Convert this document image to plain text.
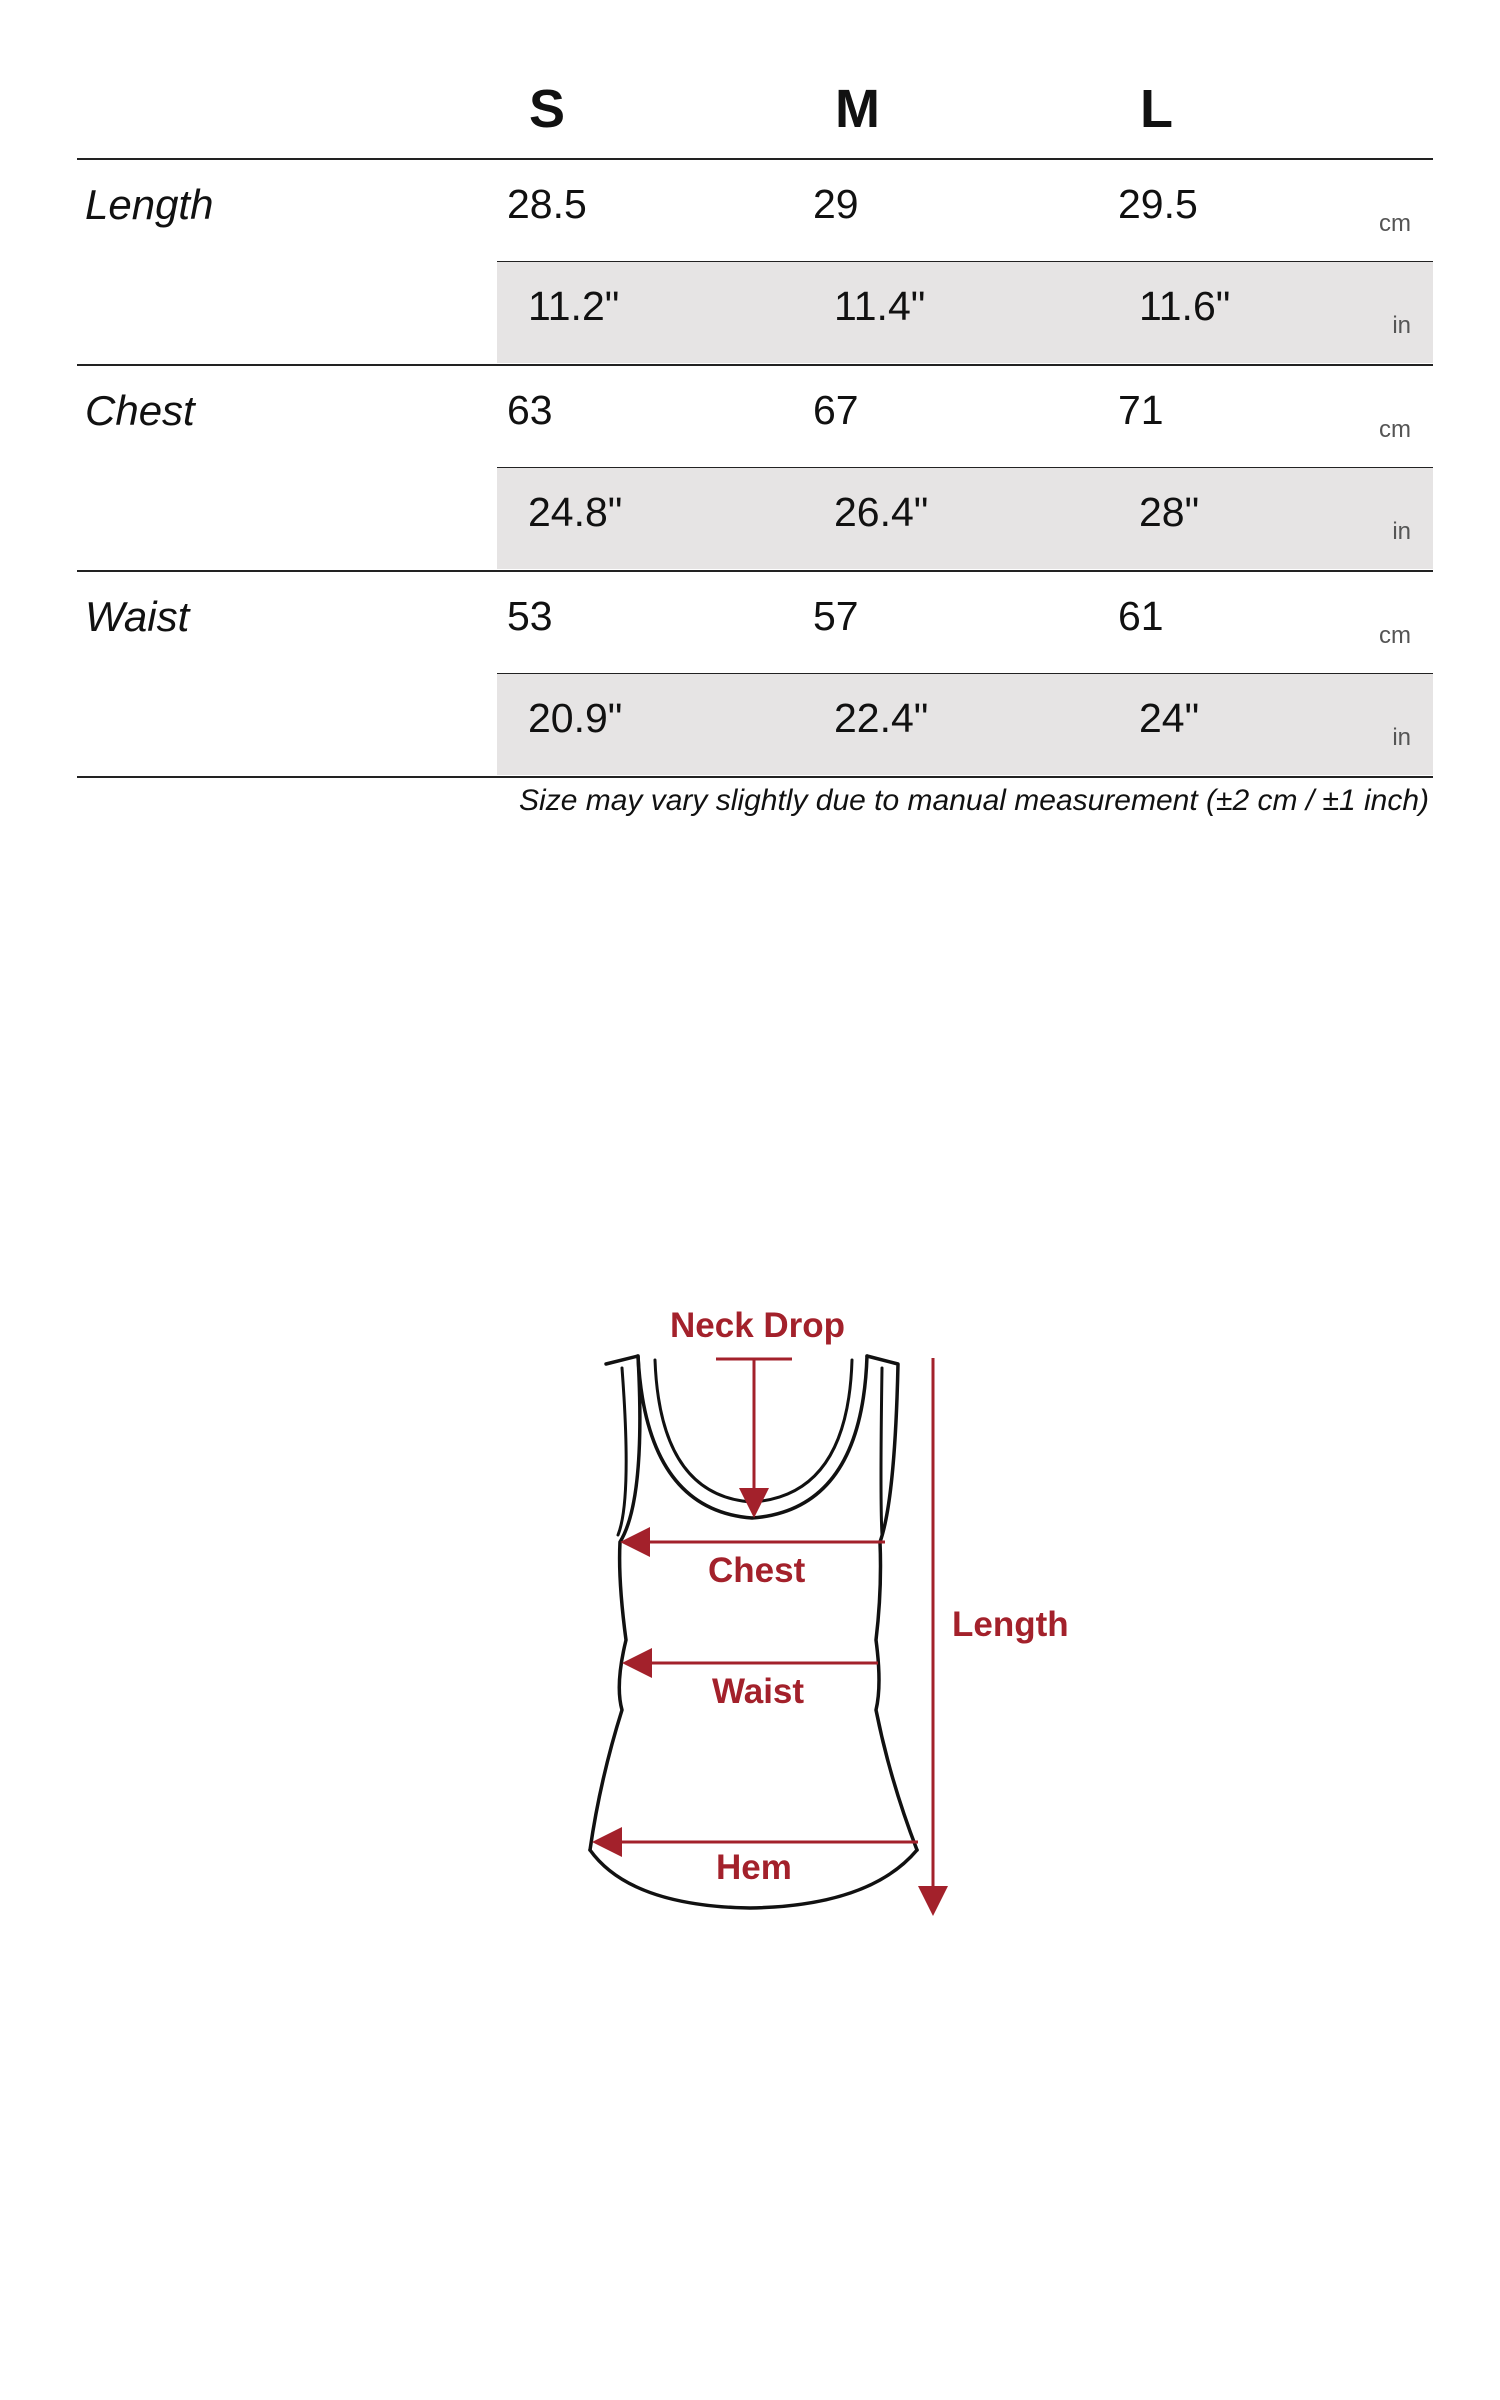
S	M	L
Length	28.5	29	29.5	cm
11.2"	11.4"	11.6"	in
Chest	63	67	71	cm
24.8"	26.4"	28"	in
Waist	53	57	61	cm
20.9"	22.4"	24"	in
Size may vary slightly due to manual measurement (±2 cm / ±1 inch)
Neck Drop
Chest
Waist
Hem
Length
